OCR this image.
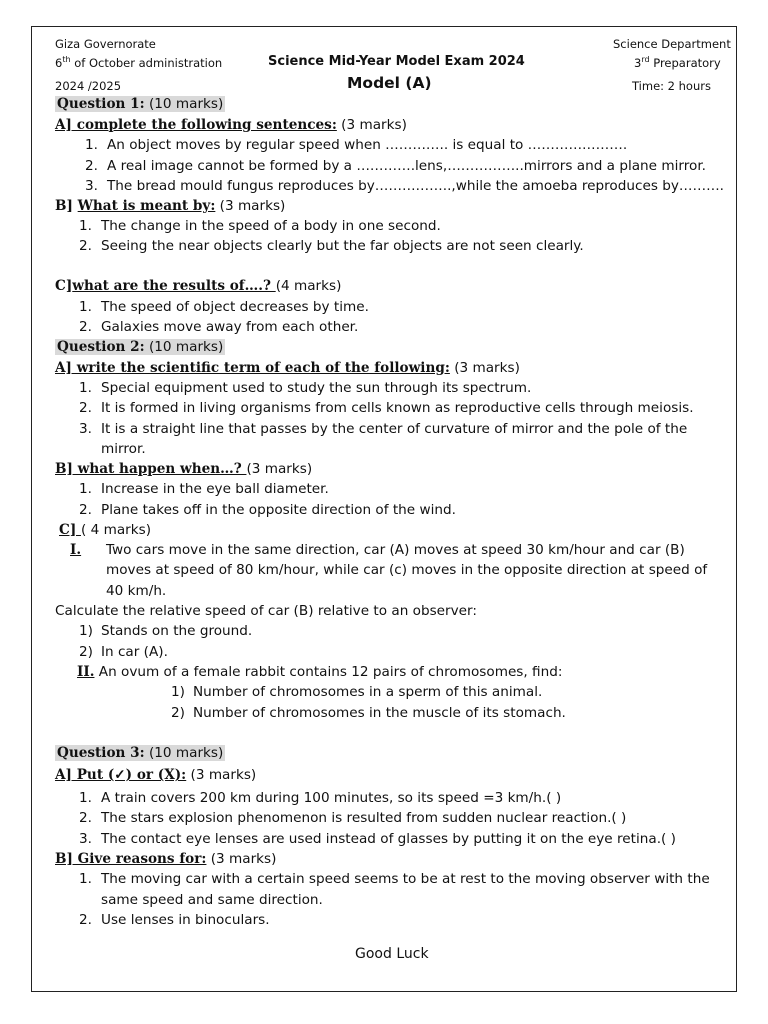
Giza Governorate
6th of October administration
2024 /2025
Science Mid-Year Model Exam 2024
Model (A)
Science Department
3rd Preparatory
Time: 2 hours
Question 1: (10 marks)
A] complete the following sentences: (3 marks)
1. An object moves by regular speed when ………….. is equal to ………………….
2. A real image cannot be formed by a ………….lens,……………..mirrors and a plane mirror.
3. The bread mould fungus reproduces by……………..,while the amoeba reproduces by……….
B] What is meant by: (3 marks)
1. The change in the speed of a body in one second.
2. Seeing the near objects clearly but the far objects are not seen clearly.
C]what are the results of….? (4 marks)
1. The speed of object decreases by time.
2. Galaxies move away from each other.
Question 2: (10 marks)
A] write the scientific term of each of the following: (3 marks)
1. Special equipment used to study the sun through its spectrum.
2. It is formed in living organisms from cells known as reproductive cells through meiosis.
3. It is a straight line that passes by the center of curvature of mirror and the pole of the
mirror.
B] what happen when…? (3 marks)
1. Increase in the eye ball diameter.
2. Plane takes off in the opposite direction of the wind.
C] ( 4 marks)
I. Two cars move in the same direction, car (A) moves at speed 30 km/hour and car (B)
moves at speed of 80 km/hour, while car (c) moves in the opposite direction at speed of
40 km/h.
Calculate the relative speed of car (B) relative to an observer:
1) Stands on the ground.
2) In car (A).
II. An ovum of a female rabbit contains 12 pairs of chromosomes, find:
1) Number of chromosomes in a sperm of this animal.
2) Number of chromosomes in the muscle of its stomach.
Question 3: (10 marks)
A] Put (✓) or (X): (3 marks)
1. A train covers 200 km during 100 minutes, so its speed =3 km/h.( )
2. The stars explosion phenomenon is resulted from sudden nuclear reaction.( )
3. The contact eye lenses are used instead of glasses by putting it on the eye retina.( )
B] Give reasons for: (3 marks)
1. The moving car with a certain speed seems to be at rest to the moving observer with the
same speed and same direction.
2. Use lenses in binoculars.
Good Luck
